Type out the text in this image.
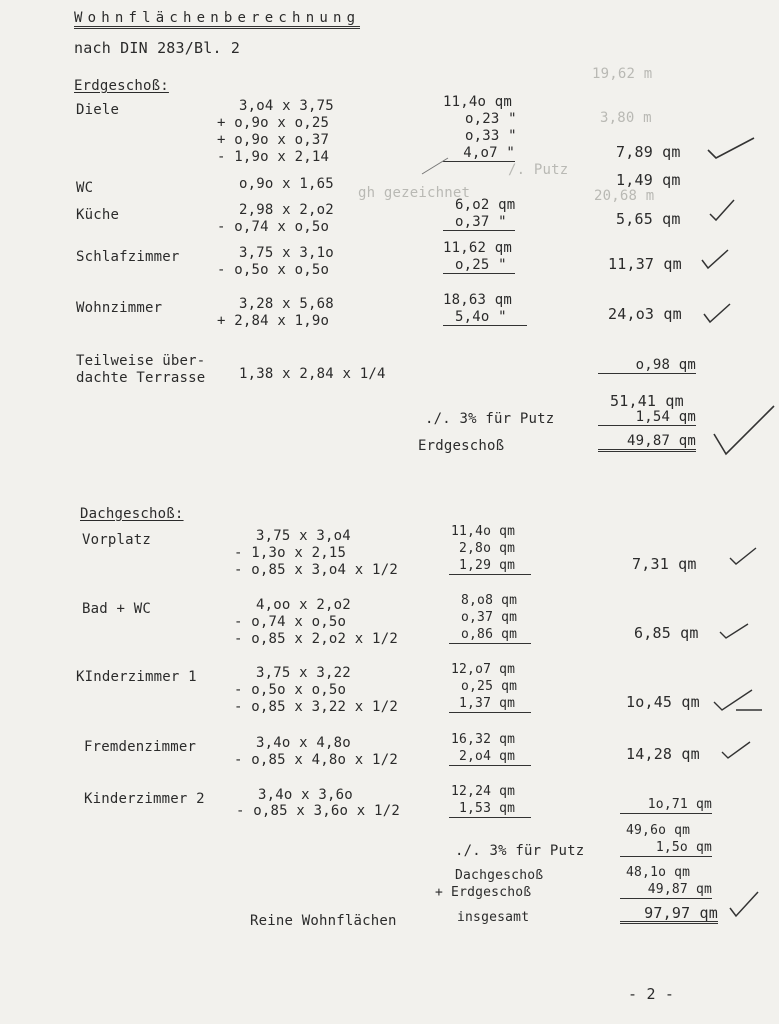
Wohnflächenberechnung
nach DIN 283/Bl. 2
19,62 m
3,80 m
20,68 m
/. Putz
gh gezeichnet
Erdgeschoß:
Diele	3,o4 x 3,75
+ o,9o x o,25
+ o,9o x o,37
- 1,9o x 2,14
11,4o qm
o,23 "
o,33 "
4,o7 "	7,89 qm
WC	o,9o x 1,65	1,49 qm
Küche	2,98 x 2,o2
- o,74 x o,5o
6,o2 qm
o,37 "	5,65 qm
Schlafzimmer	3,75 x 3,1o
- o,5o x o,5o
11,62 qm
o,25 "	11,37 qm
Wohnzimmer	3,28 x 5,68
+ 2,84 x 1,9o
18,63 qm
5,4o "	24,o3 qm
Teilweise über-
dachte Terrasse 1,38 x 2,84 x 1/4
o,98 qm
51,41 qm
./. 3% für Putz	1,54 qm
Erdgeschoß	49,87 qm
Dachgeschoß:
Vorplatz	3,75 x 3,o4
- 1,3o x 2,15
- o,85 x 3,o4 x 1/2
11,4o qm
2,8o qm
1,29 qm	7,31 qm
Bad + WC	4,oo x 2,o2
- o,74 x o,5o
- o,85 x 2,o2 x 1/2
8,o8 qm
o,37 qm
o,86 qm	6,85 qm
KInderzimmer 1	3,75 x 3,22
- o,5o x o,5o
- o,85 x 3,22 x 1/2
12,o7 qm
o,25 qm
1,37 qm	1o,45 qm
Fremdenzimmer	3,4o x 4,8o
- o,85 x 4,8o x 1/2
16,32 qm
2,o4 qm	14,28 qm
Kinderzimmer 2	3,4o x 3,6o
- o,85 x 3,6o x 1/2
12,24 qm
1,53 qm	1o,71 qm
49,6o qm
./. 3% für Putz	1,5o qm
Dachgeschoß	48,1o qm
+ Erdgeschoß	49,87 qm
Reine Wohnflächen	insgesamt	97,97 qm
- 2 -
